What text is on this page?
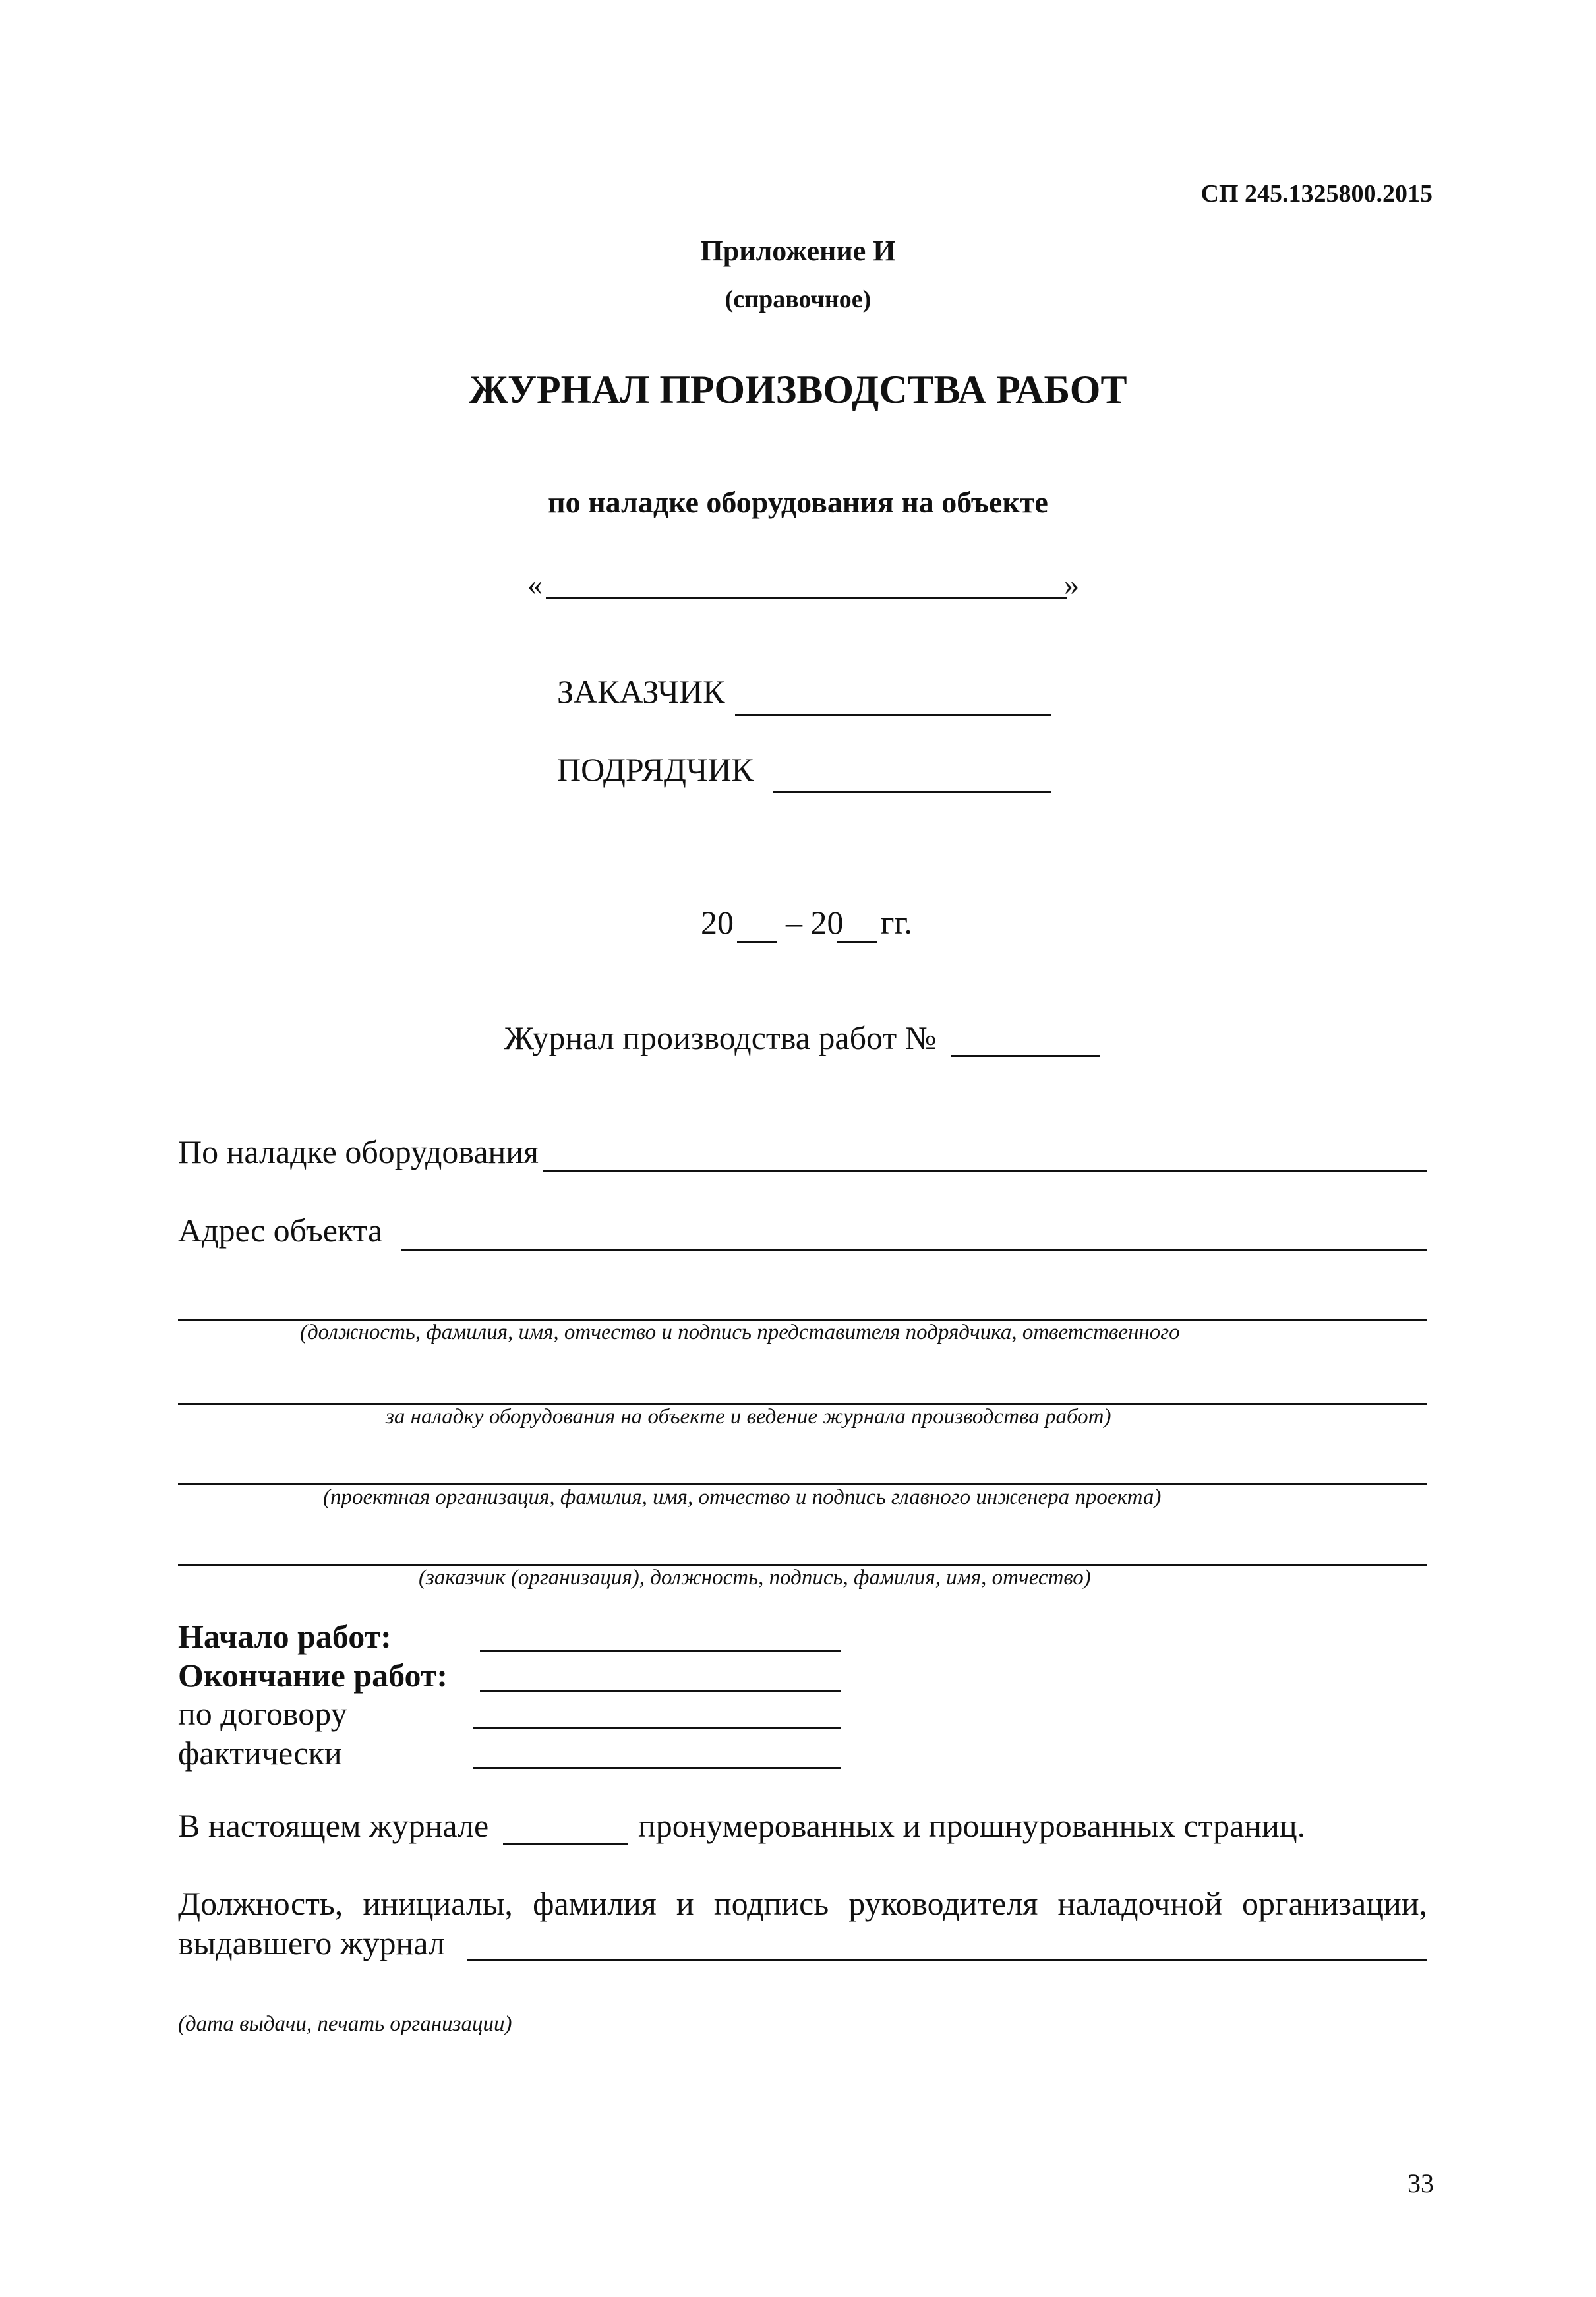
СП 245.1325800.2015
Приложение И
(справочное)
ЖУРНАЛ ПРОИЗВОДСТВА РАБОТ
по наладке оборудования на объекте
«	»
ЗАКАЗЧИК
ПОДРЯДЧИК
20 – 20 гг.
Журнал производства работ №
По наладке оборудования
Адрес объекта
(должность, фамилия, имя, отчество и подпись представителя подрядчика, ответственного
за наладку оборудования на объекте и ведение журнала производства работ)
(проектная организация, фамилия, имя, отчество и подпись главного инженера проекта)
(заказчик (организация), должность, подпись, фамилия, имя, отчество)
Начало работ:
Окончание работ:
по договору
фактически
В настоящем журнале	пронумерованных и прошнурованных страниц.
Должность, инициалы, фамилия и подпись руководителя наладочной организации,
выдавшего журнал
(дата выдачи, печать организации)
33
